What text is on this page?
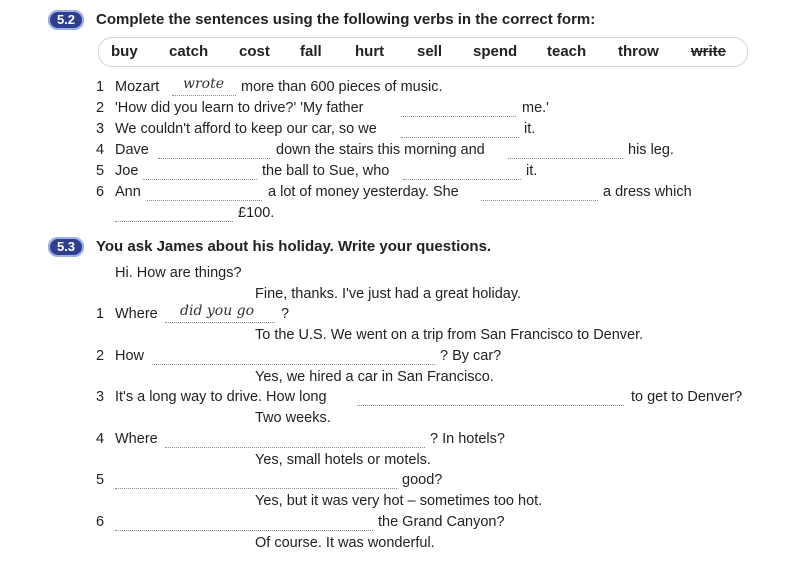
5.2	Complete the sentences using the following verbs in the correct form:
buy catch cost fall hurt sell spend teach throw write
1 Mozart wrote more than 600 pieces of music.
2 'How did you learn to drive?' 'My father	me.'
3 We couldn't afford to keep our car, so we	it.
4 Dave	down the stairs this morning and	his leg.
5 Joe	the ball to Sue, who	it.
6 Ann	a lot of money yesterday. She	a dress which
£100.
5.3	You ask James about his holiday. Write your questions.
Hi. How are things?
Fine, thanks. I've just had a great holiday.
1 Where did you go ?
To the U.S. We went on a trip from San Francisco to Denver.
2 How	? By car?
Yes, we hired a car in San Francisco.
3 It's a long way to drive. How long	to get to Denver?
Two weeks.
4 Where	? In hotels?
Yes, small hotels or motels.
5	good?
Yes, but it was very hot – sometimes too hot.
6	the Grand Canyon?
Of course. It was wonderful.
